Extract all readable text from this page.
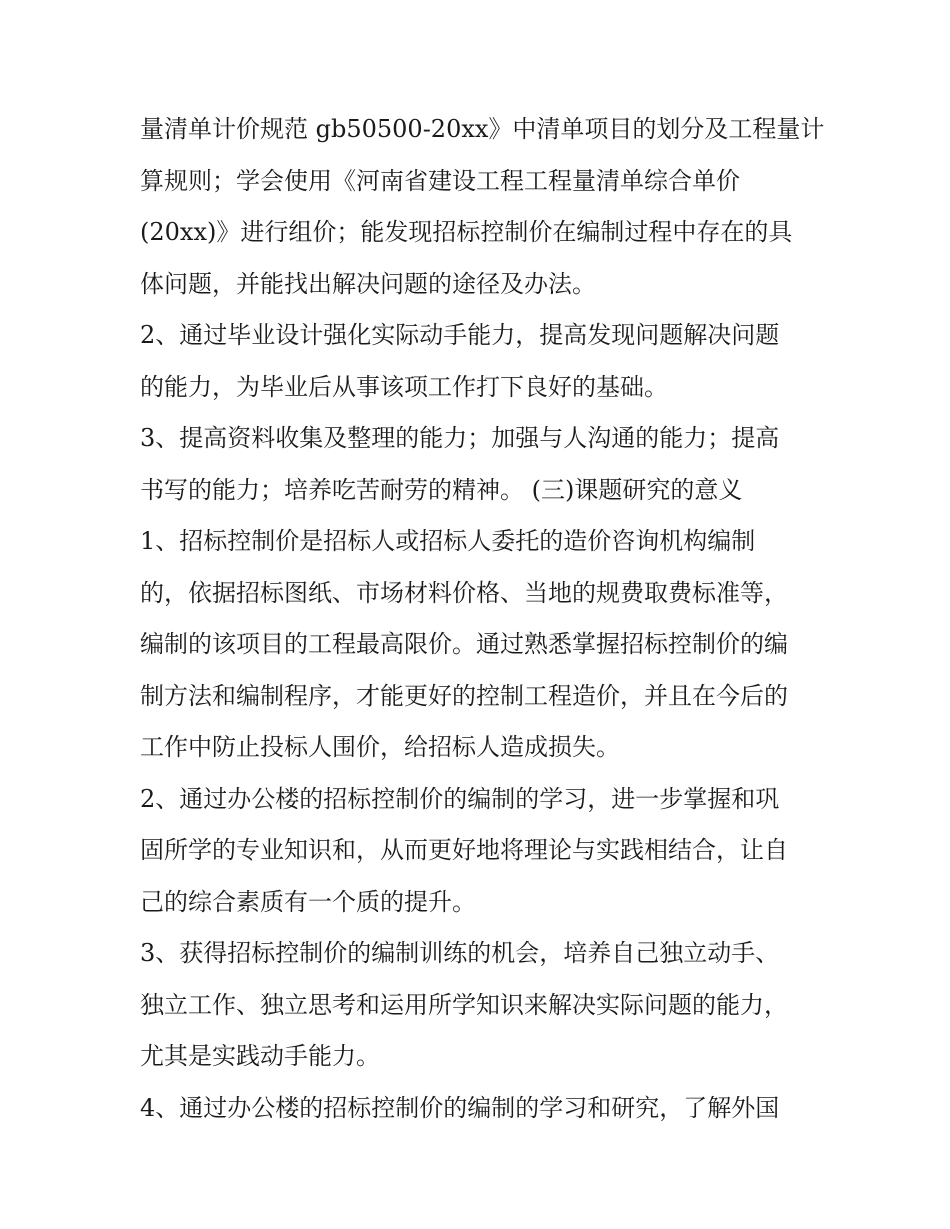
量清单计价规范 gb50500-20xx》中清单项目的划分及工程量计
算规则；学会使用《河南省建设工程工程量清单综合单价
(20xx)》进行组价；能发现招标控制价在编制过程中存在的具
体问题，并能找出解决问题的途径及办法。
2、通过毕业设计强化实际动手能力，提高发现问题解决问题
的能力，为毕业后从事该项工作打下良好的基础。
3、提高资料收集及整理的能力；加强与人沟通的能力；提高
书写的能力；培养吃苦耐劳的精神。 (三)课题研究的意义
1、招标控制价是招标人或招标人委托的造价咨询机构编制
的，依据招标图纸、市场材料价格、当地的规费取费标准等，
编制的该项目的工程最高限价。通过熟悉掌握招标控制价的编
制方法和编制程序，才能更好的控制工程造价，并且在今后的
工作中防止投标人围价，给招标人造成损失。
2、通过办公楼的招标控制价的编制的学习，进一步掌握和巩
固所学的专业知识和，从而更好地将理论与实践相结合，让自
己的综合素质有一个质的提升。
3、获得招标控制价的编制训练的机会，培养自己独立动手、
独立工作、独立思考和运用所学知识来解决实际问题的能力，
尤其是实践动手能力。
4、通过办公楼的招标控制价的编制的学习和研究，了解外国
